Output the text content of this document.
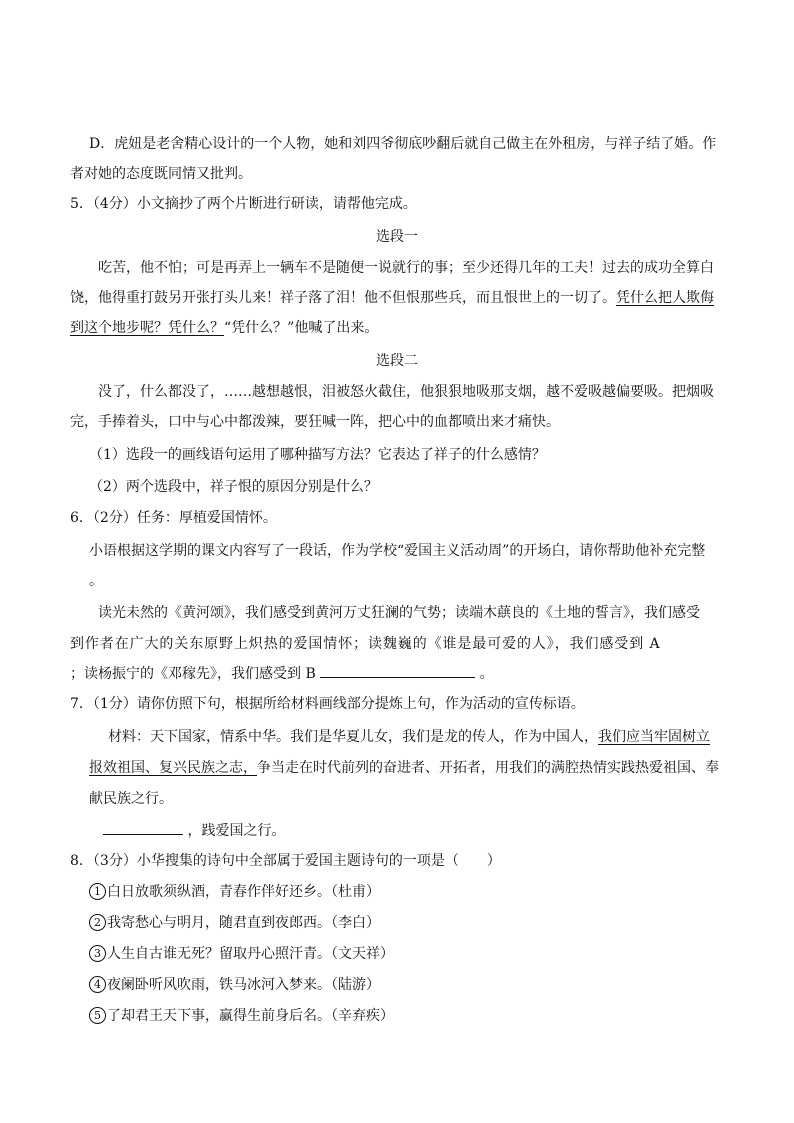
D．虎妞是老舍精心设计的一个人物，她和刘四爷彻底吵翻后就自己做主在外租房，与祥子结了婚。作
者对她的态度既同情又批判。
5．（4分）小文摘抄了两个片断进行研读，请帮他完成。
选段一
吃苦，他不怕；可是再弄上一辆车不是随便一说就行的事；至少还得几年的工夫！过去的成功全算白
饶，他得重打鼓另开张打头儿来！祥子落了泪！他不但恨那些兵，而且恨世上的一切了。凭什么把人欺侮
到这个地步呢？凭什么？“凭什么？”他喊了出来。
选段二
没了，什么都没了，……越想越恨，泪被怒火截住，他狠狠地吸那支烟，越不爱吸越偏要吸。把烟吸
完，手捧着头，口中与心中都泼辣，要狂喊一阵，把心中的血都喷出来才痛快。
（1）选段一的画线语句运用了哪种描写方法？它表达了祥子的什么感情？
（2）两个选段中，祥子恨的原因分别是什么？
6．（2分）任务：厚植爱国情怀。
小语根据这学期的课文内容写了一段话，作为学校“爱国主义活动周”的开场白，请你帮助他补充完整
。
读光未然的《黄河颂》，我们感受到黄河万丈狂澜的气势；读端木蕻良的《土地的誓言》，我们感受
到作者在广大的关东原野上炽热的爱国情怀；读魏巍的《谁是最可爱的人》，我们感受到 A
；读杨振宁的《邓稼先》，我们感受到 B	。
7．（1分）请你仿照下句，根据所给材料画线部分提炼上句，作为活动的宣传标语。
材料：天下国家，情系中华。我们是华夏儿女，我们是龙的传人，作为中国人，我们应当牢固树立
报效祖国、复兴民族之志，争当走在时代前列的奋进者、开拓者，用我们的满腔热情实践热爱祖国、奉
献民族之行。
，践爱国之行。
8．（3分）小华搜集的诗句中全部属于爱国主题诗句的一项是（　　）
1 白日放歌须纵酒，青春作伴好还乡。（杜甫）
2 我寄愁心与明月，随君直到夜郎西。（李白）
3 人生自古谁无死？留取丹心照汗青。（文天祥）
4 夜阑卧听风吹雨，铁马冰河入梦来。（陆游）
5 了却君王天下事，赢得生前身后名。（辛弃疾）
